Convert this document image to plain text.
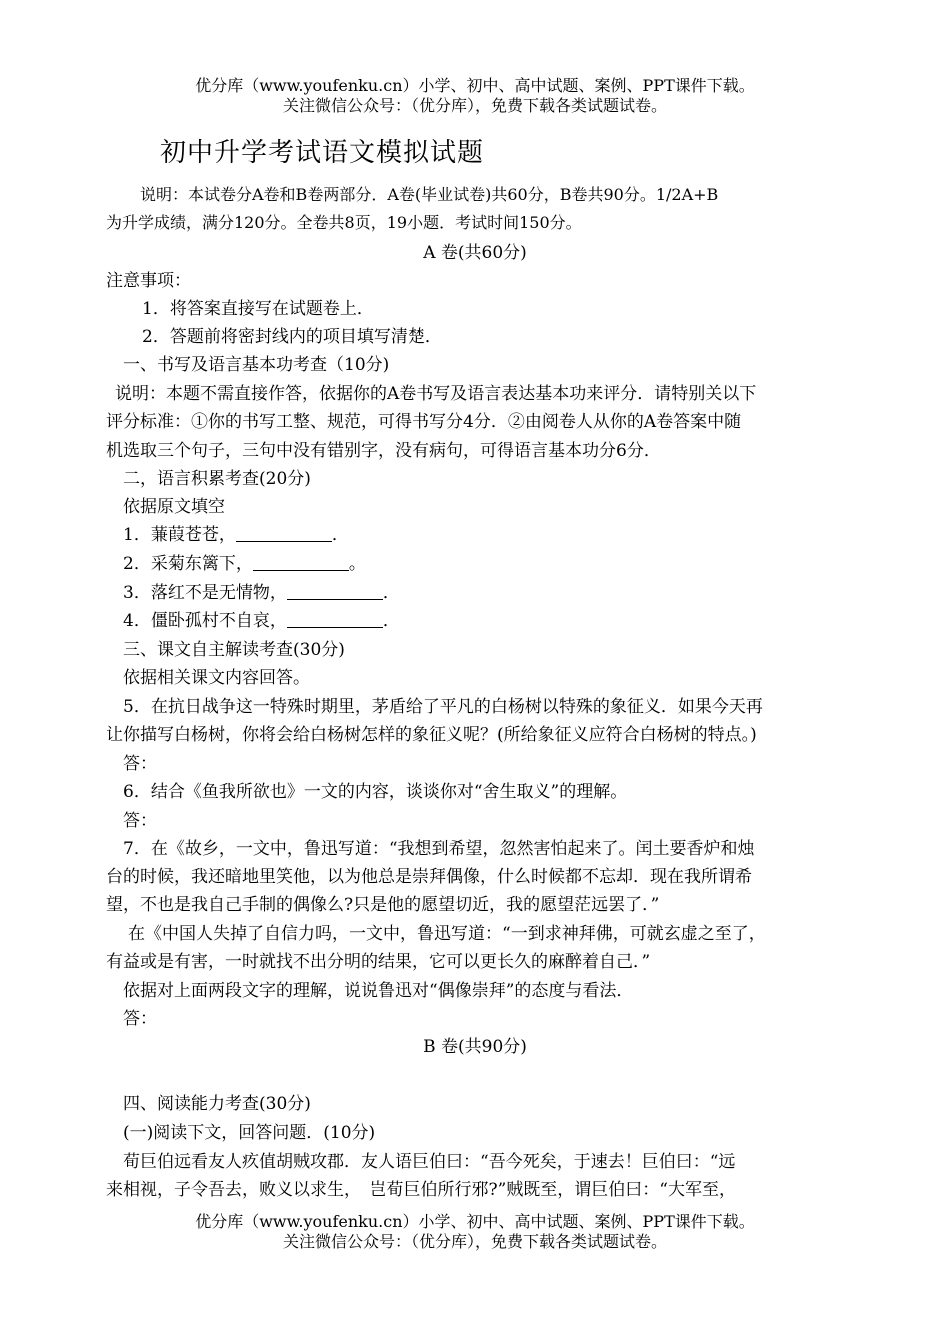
优分库（www.youfenku.cn）小学、初中、高中试题、案例、PPT课件下载。
关注微信公众号：（优分库），免费下载各类试题试卷。
初中升学考试语文模拟试题
说明：本试卷分A卷和B卷两部分．A卷(毕业试卷)共60分，B卷共90分。1/2A+B
为升学成绩，满分120分。全卷共8页，19小题．考试时间150分。
A 卷(共60分)
注意事项：
1．将答案直接写在试题卷上．
2．答题前将密封线内的项目填写清楚．
一、书写及语言基本功考查（10分)
说明：本题不需直接作答，依据你的A卷书写及语言表达基本功来评分．请特别关以下
评分标准：①你的书写工整、规范，可得书写分4分．②由阅卷人从你的A卷答案中随
机选取三个句子，三句中没有错别字，没有病句，可得语言基本功分6分．
二，语言积累考查(20分)
依据原文填空
1．蒹葭苍苍，	．
2．采菊东篱下，	。
3．落红不是无情物，	．
4．僵卧孤村不自哀，	．
三、课文自主解读考查(30分)
依据相关课文内容回答。
5．在抗日战争这一特殊时期里，茅盾给了平凡的白杨树以特殊的象征义．如果今天再
让你描写白杨树，你将会给白杨树怎样的象征义呢？(所给象征义应符合白杨树的特点。)
答：
6．结合《鱼我所欲也》一文的内容，谈谈你对“舍生取义”的理解。
答：
7．在《故乡，一文中，鲁迅写道：“我想到希望，忽然害怕起来了。闰土要香炉和烛
台的时候，我还暗地里笑他，以为他总是崇拜偶像，什么时候都不忘却．现在我所谓希
望，不也是我自己手制的偶像么?只是他的愿望切近，我的愿望茫远罢了．”
在《中国人失掉了自信力吗，一文中，鲁迅写道：“一到求神拜佛，可就玄虚之至了，
有益或是有害，一时就找不出分明的结果，它可以更长久的麻醉着自己．”
依据对上面两段文字的理解，说说鲁迅对“偶像崇拜”的态度与看法．
答：
B 卷(共90分)
四、阅读能力考查(30分)
(一)阅读下文，回答问题．(10分)
荀巨伯远看友人疚值胡贼攻郡．友人语巨伯曰：“吾今死矣，于速去！巨伯曰：“远
来相视，子令吾去，败义以求生，　岂荀巨伯所行邪?”贼既至，谓巨伯曰：“大军至，
优分库（www.youfenku.cn）小学、初中、高中试题、案例、PPT课件下载。
关注微信公众号：（优分库），免费下载各类试题试卷。
